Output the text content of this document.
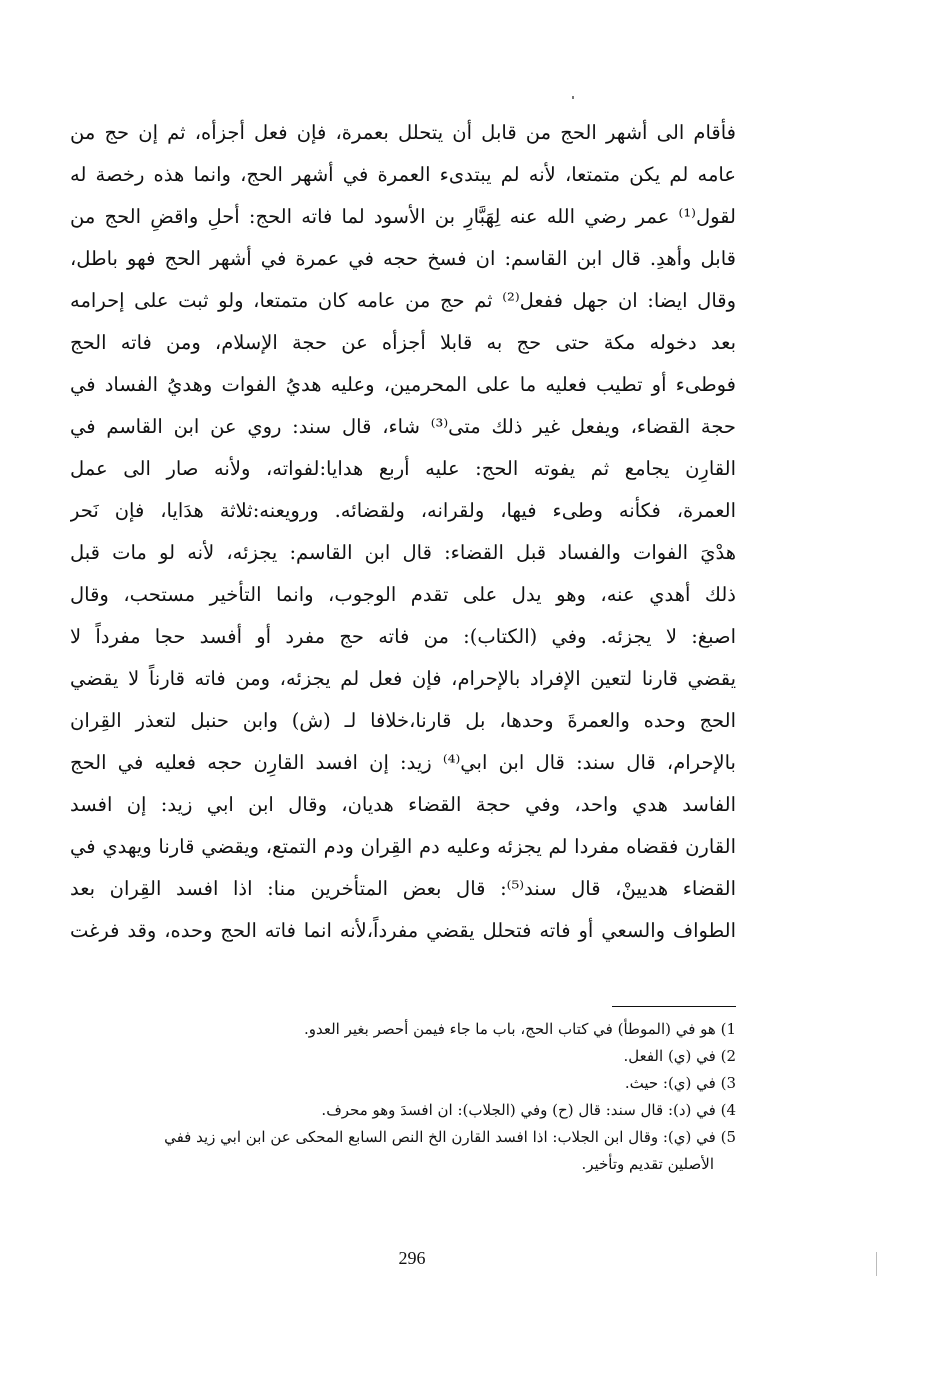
فأقام الى أشهر الحج من قابل أن يتحلل بعمرة، فإن فعل أجزأه، ثم إن حج من
عامه لم يكن متمتعا، لأنه لم يبتدىء العمرة في أشهر الحج، وانما هذه رخصة له
لقول⁽¹⁾ عمر رضي الله عنه لِهَبَّارِ بن الأسود لما فاته الحج: أحلِ واقضِ الحج من
قابل وأهدِ. قال ابن القاسم: ان فسخ حجه في عمرة في أشهر الحج فهو باطل،
وقال ايضا: ان جهل ففعل⁽²⁾ ثم حج من عامه كان متمتعا، ولو ثبت على إحرامه
بعد دخوله مكة حتى حج به قابلا أجزأه عن حجة الإسلام، ومن فاته الحج
فوطىء أو تطيب فعليه ما على المحرمين، وعليه هديُ الفوات وهديُ الفساد في
حجة القضاء، ويفعل غير ذلك متى⁽³⁾ شاء، قال سند: روي عن ابن القاسم في
القارِن يجامع ثم يفوته الحج: عليه أربع هدايا:لفواته، ولأنه صار الى عمل
العمرة، فكأنه وطىء فيها، ولقرانه، ولقضائه. ورويعنه:ثلاثة هدَايا، فإن نَحر
هدْيَ الفوات والفساد قبل القضاء: قال ابن القاسم: يجزئه، لأنه لو مات قبل
ذلك أهدي عنه، وهو يدل على تقدم الوجوب، وانما التأخير مستحب، وقال
اصبغ: لا يجزئه. وفي (الكتاب): من فاته حج مفرد أو أفسد حجا مفرداً لا
يقضي قارنا لتعين الإفراد بالإحرام، فإن فعل لم يجزئه، ومن فاته قارناً لا يقضي
الحج وحده والعمرةَ وحدها، بل قارنا،خلافا لـ (ش) وابن حنبل لتعذر القِران
بالإحرام، قال سند: قال ابن ابي⁽⁴⁾ زيد: إن افسد القارِن حجه فعليه في الحج
الفاسد هدي واحد، وفي حجة القضاء هديان، وقال ابن ابي زيد: إن افسد
القارن فقضاه مفردا لم يجزئه وعليه دم القِران ودم التمتع، ويقضي قارنا ويهدي في
القضاء هديينْ، قال سند⁽⁵⁾: قال بعض المتأخرين منا: اذا افسد القِران بعد
الطواف والسعي أو فاته فتحلل يقضي مفرداً،لأنه انما فاته الحج وحده، وقد فرغت
1) هو في (الموطأ) في كتاب الحج، باب ما جاء فيمن أحصر بغير العدو.
2) في (ي) الفعل.
3) في (ي): حيث.
4) في (د): قال سند: قال (ح) وفي (الجلاب): ان افسدَ وهو محرف.
5) في (ي): وقال ابن الجلاب: اذا افسد القارن الخ النص السابع المحكى عن ابن ابي زيد ففي
الأصلين تقديم وتأخير.
296
